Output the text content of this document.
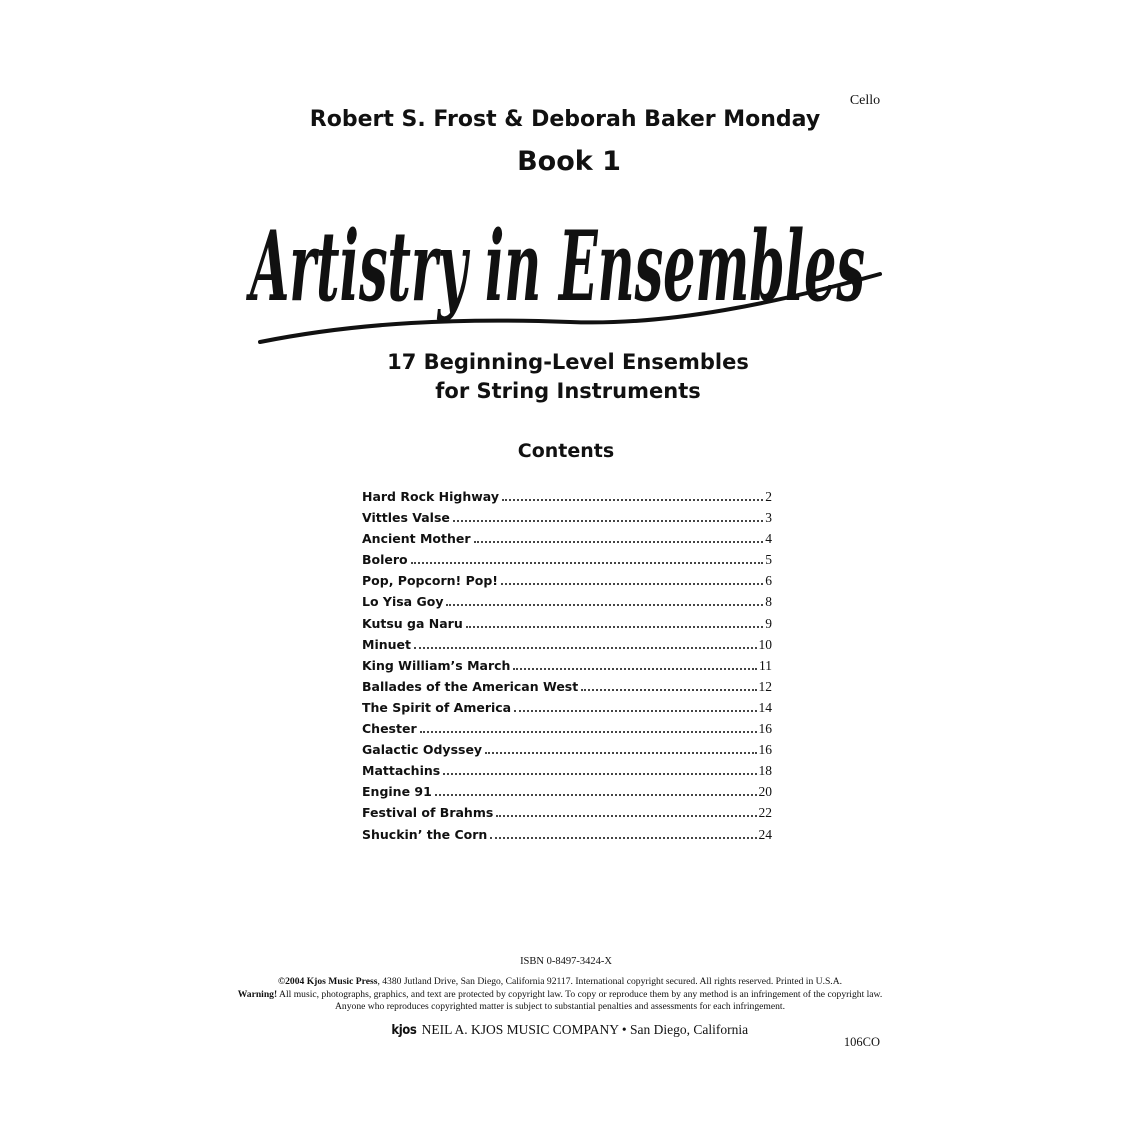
Cello
Robert S. Frost & Deborah Baker Monday
Book 1
Artistry in Ensembles
17 Beginning-Level Ensembles
for String Instruments
Contents
Hard Rock Highway	2
Vittles Valse	3
Ancient Mother	4
Bolero	5
Pop, Popcorn! Pop!	6
Lo Yisa Goy	8
Kutsu ga Naru	9
Minuet	10
King William’s March	11
Ballades of the American West	12
The Spirit of America	14
Chester	16
Galactic Odyssey	16
Mattachins	18
Engine 91	20
Festival of Brahms	22
Shuckin’ the Corn	24
ISBN 0-8497-3424-X
©2004 Kjos Music Press, 4380 Jutland Drive, San Diego, California 92117. International copyright secured. All rights reserved. Printed in U.S.A.
Warning! All music, photographs, graphics, and text are protected by copyright law. To copy or reproduce them by any method is an infringement of the copyright law. Anyone who reproduces copyrighted matter is subject to substantial penalties and assessments for each infringement.
kjos NEIL A. KJOS MUSIC COMPANY • San Diego, California
106CO
